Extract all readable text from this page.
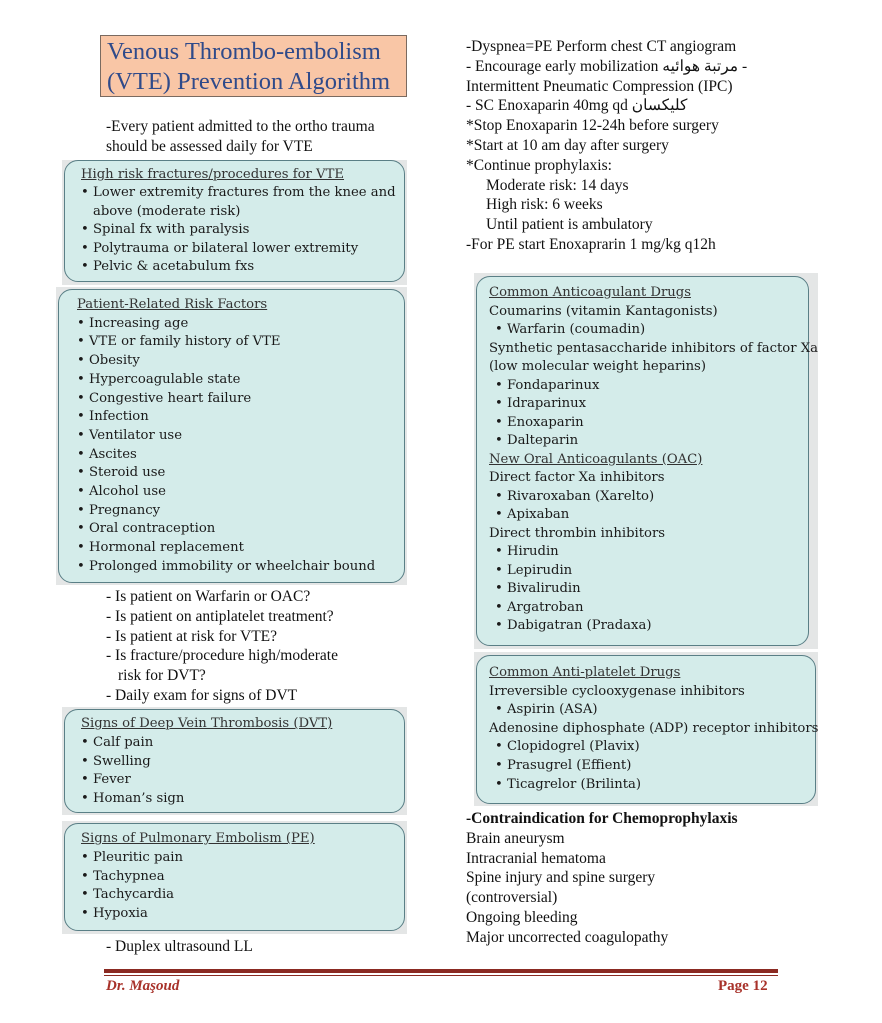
Venous Thrombo-embolism
(VTE) Prevention Algorithm
-Every patient admitted to the ortho trauma
should be assessed daily for VTE
High risk fractures/procedures for VTE
• Lower extremity fractures from the knee and
above (moderate risk)
• Spinal fx with paralysis
• Polytrauma or bilateral lower extremity
• Pelvic & acetabulum fxs
Patient-Related Risk Factors
• Increasing age
• VTE or family history of VTE
• Obesity
• Hypercoagulable state
• Congestive heart failure
• Infection
• Ventilator use
• Ascites
• Steroid use
• Alcohol use
• Pregnancy
• Oral contraception
• Hormonal replacement
• Prolonged immobility or wheelchair bound
- Is patient on Warfarin or OAC?
- Is patient on antiplatelet treatment?
- Is patient at risk for VTE?
- Is fracture/procedure high/moderate
risk for DVT?
- Daily exam for signs of DVT
Signs of Deep Vein Thrombosis (DVT)
• Calf pain
• Swelling
• Fever
• Homan’s sign
Signs of Pulmonary Embolism (PE)
• Pleuritic pain
• Tachypnea
• Tachycardia
• Hypoxia
- Duplex ultrasound LL
-Dyspnea=PE Perform chest CT angiogram
- Encourage early mobilization مرتبة هوائيه -
Intermittent Pneumatic Compression (IPC)
- SC Enoxaparin 40mg qd كليكسان
*Stop Enoxaparin 12-24h before surgery
*Start at 10 am day after surgery
*Continue prophylaxis:
Moderate risk: 14 days
High risk: 6 weeks
Until patient is ambulatory
-For PE start Enoxaprarin 1 mg/kg q12h
Common Anticoagulant Drugs
Coumarins (vitamin Kantagonists)
• Warfarin (coumadin)
Synthetic pentasaccharide inhibitors of factor Xa
(low molecular weight heparins)
• Fondaparinux
• Idraparinux
• Enoxaparin
• Dalteparin
New Oral Anticoagulants (OAC)
Direct factor Xa inhibitors
• Rivaroxaban (Xarelto)
• Apixaban
Direct thrombin inhibitors
• Hirudin
• Lepirudin
• Bivalirudin
• Argatroban
• Dabigatran (Pradaxa)
Common Anti-platelet Drugs
Irreversible cyclooxygenase inhibitors
• Aspirin (ASA)
Adenosine diphosphate (ADP) receptor inhibitors
• Clopidogrel (Plavix)
• Prasugrel (Effient)
• Ticagrelor (Brilinta)
-Contraindication for Chemoprophylaxis
Brain aneurysm
Intracranial hematoma
Spine injury and spine surgery
(controversial)
Ongoing bleeding
Major uncorrected coagulopathy
Dr. Maşoud	Page 12
